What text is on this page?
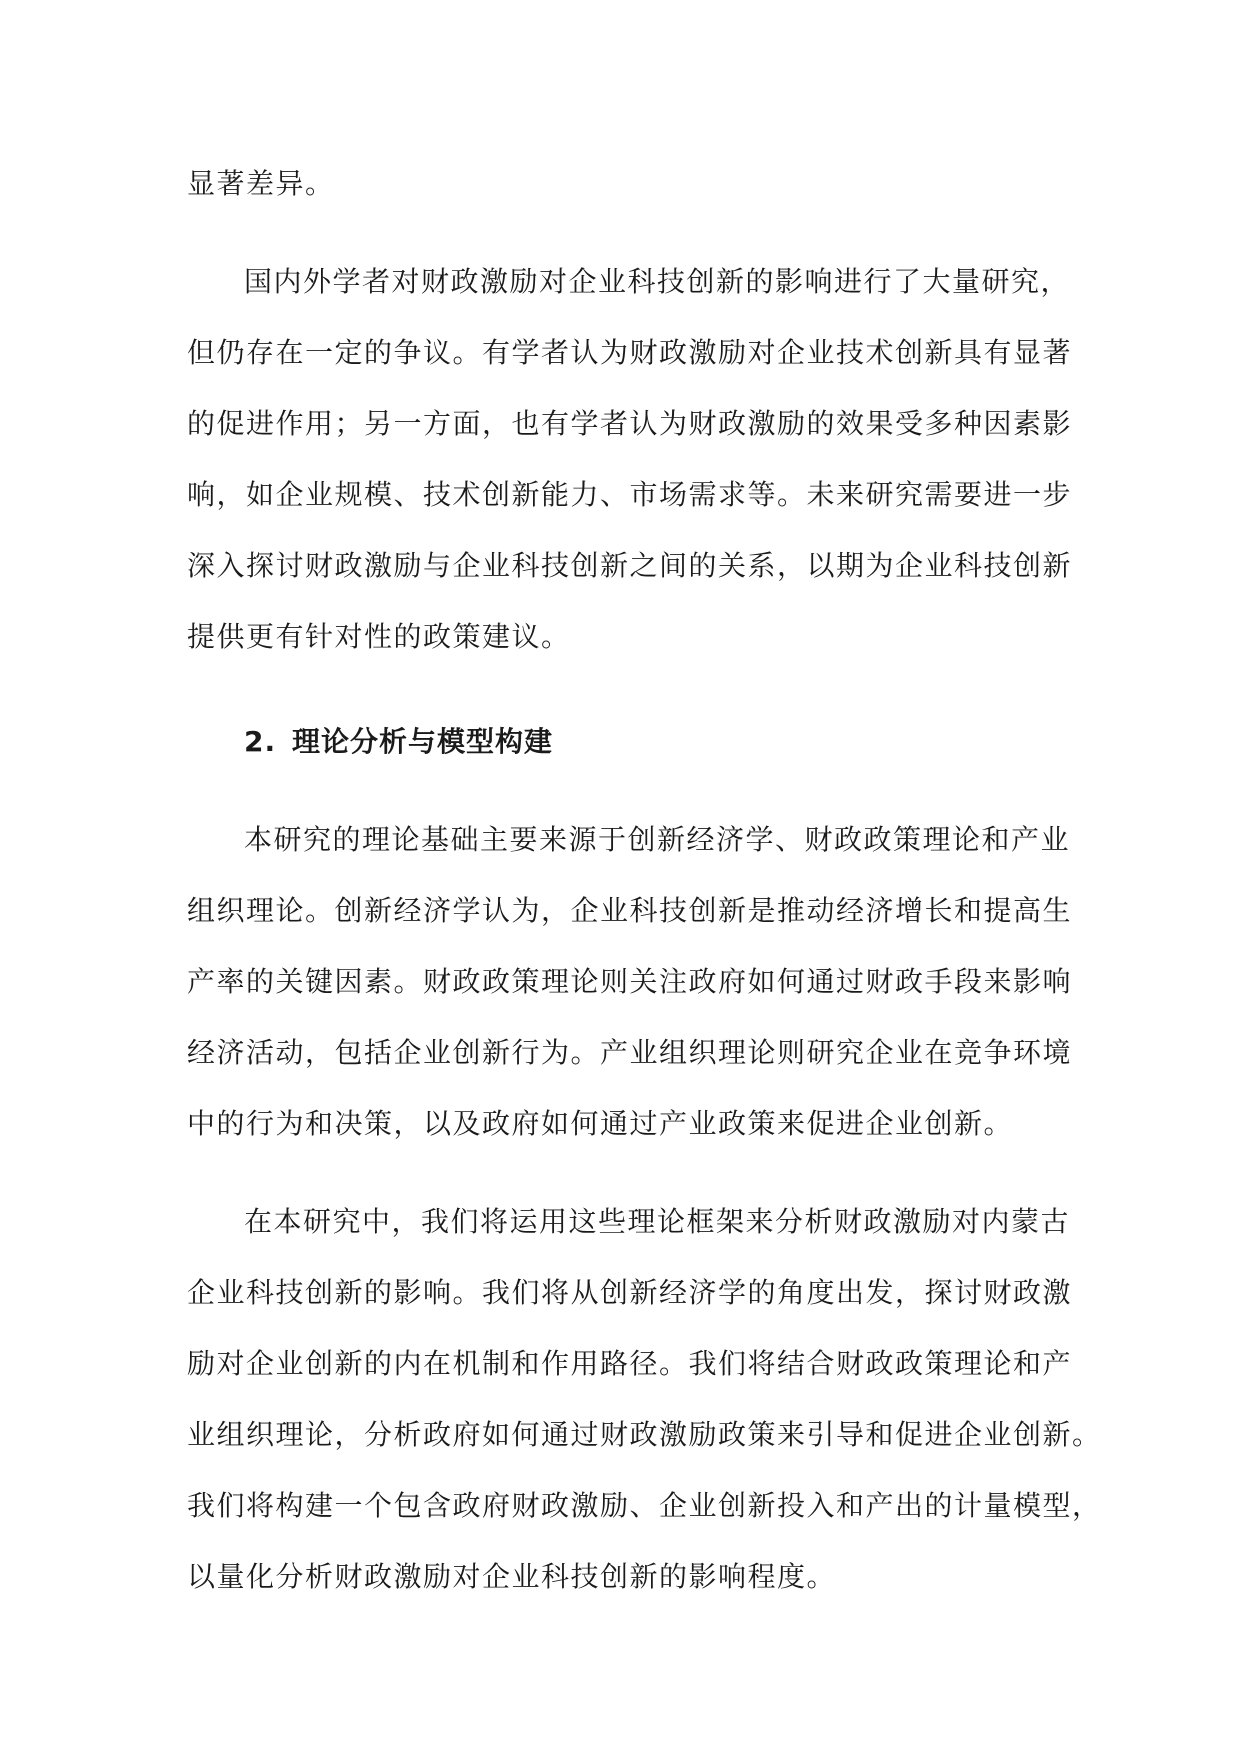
显著差异。
国内外学者对财政激励对企业科技创新的影响进行了大量研究，
但仍存在一定的争议。有学者认为财政激励对企业技术创新具有显著
的促进作用；另一方面，也有学者认为财政激励的效果受多种因素影
响，如企业规模、技术创新能力、市场需求等。未来研究需要进一步
深入探讨财政激励与企业科技创新之间的关系，以期为企业科技创新
提供更有针对性的政策建议。
2. 理论分析与模型构建
本研究的理论基础主要来源于创新经济学、财政政策理论和产业
组织理论。创新经济学认为，企业科技创新是推动经济增长和提高生
产率的关键因素。财政政策理论则关注政府如何通过财政手段来影响
经济活动，包括企业创新行为。产业组织理论则研究企业在竞争环境
中的行为和决策，以及政府如何通过产业政策来促进企业创新。
在本研究中，我们将运用这些理论框架来分析财政激励对内蒙古
企业科技创新的影响。我们将从创新经济学的角度出发，探讨财政激
励对企业创新的内在机制和作用路径。我们将结合财政政策理论和产
业组织理论，分析政府如何通过财政激励政策来引导和促进企业创新。
我们将构建一个包含政府财政激励、企业创新投入和产出的计量模型，
以量化分析财政激励对企业科技创新的影响程度。
